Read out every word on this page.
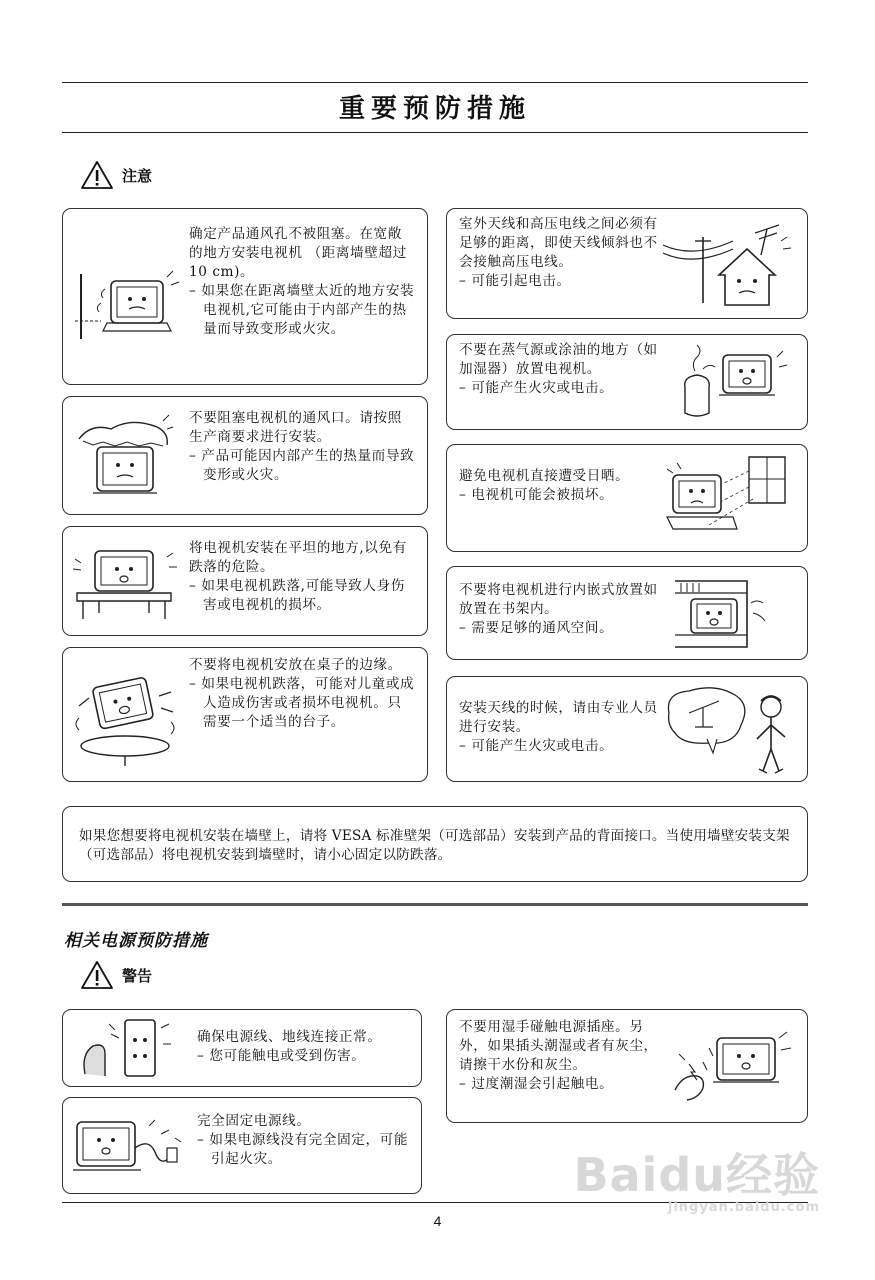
重要预防措施
注意

确定产品通风孔不被阻塞。在宽敞的地方安装电视机 （距离墙壁超过 10 cm)。

– 如果您在距离墙壁太近的地方安装电视机,它可能由于内部产生的热量而导致变形或火灾。

不要阻塞电视机的通风口。请按照生产商要求进行安装。

– 产品可能因内部产生的热量而导致变形或火灾。

将电视机安装在平坦的地方,以免有跌落的危险。

– 如果电视机跌落,可能导致人身伤害或电视机的损坏。

不要将电视机安放在桌子的边缘。

– 如果电视机跌落，可能对儿童或成人造成伤害或者损坏电视机。只需要一个适当的台子。

室外天线和高压电线之间必须有足够的距离，即使天线倾斜也不会接触高压电线。

– 可能引起电击。

不要在蒸气源或涂油的地方（如加湿器）放置电视机。

– 可能产生火灾或电击。

避免电视机直接遭受日晒。

– 电视机可能会被损坏。

不要将电视机进行内嵌式放置如放置在书架内。

– 需要足够的通风空间。

安装天线的时候，请由专业人员进行安装。

– 可能产生火灾或电击。

如果您想要将电视机安装在墙壁上，请将 VESA 标准壁架（可选部品）安装到产品的背面接口。当使用墙壁安装支架（可选部品）将电视机安装到墙壁时，请小心固定以防跌落。
相关电源预防措施
警告

确保电源线、地线连接正常。

– 您可能触电或受到伤害。

完全固定电源线。

– 如果电源线没有完全固定，可能引起火灾。

不要用湿手碰触电源插座。另外，如果插头潮湿或者有灰尘，请擦干水份和灰尘。

– 过度潮湿会引起触电。

4
Baidu经验
jingyan.baidu.com
